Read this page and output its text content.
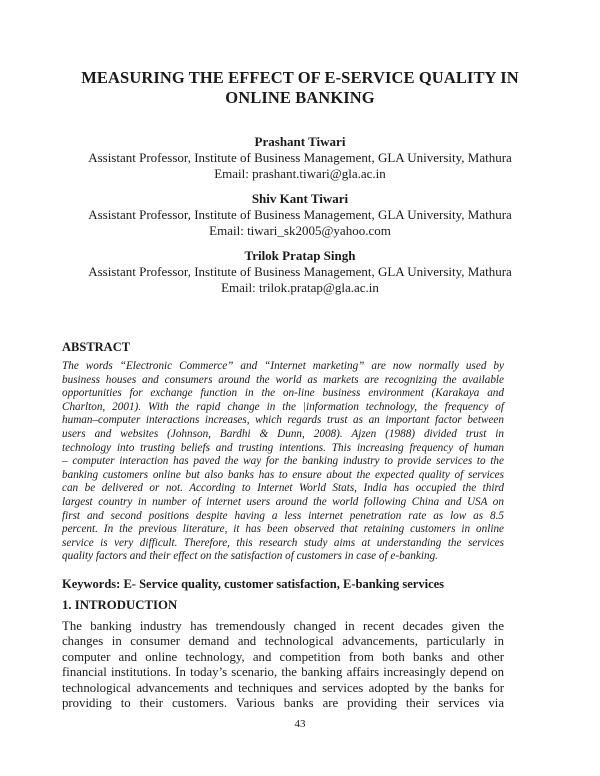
MEASURING THE EFFECT OF E-SERVICE QUALITY IN
ONLINE BANKING
Prashant Tiwari
Assistant Professor, Institute of Business Management, GLA University, Mathura
Email: prashant.tiwari@gla.ac.in
Shiv Kant Tiwari
Assistant Professor, Institute of Business Management, GLA University, Mathura
Email: tiwari_sk2005@yahoo.com
Trilok Pratap Singh
Assistant Professor, Institute of Business Management, GLA University, Mathura
Email: trilok.pratap@gla.ac.in
ABSTRACT
The words “Electronic Commerce” and “Internet marketing” are now normally used by
business houses and consumers around the world as markets are recognizing the available
opportunities for exchange function in the on-line business environment (Karakaya and
Charlton, 2001). With the rapid change in the |information technology, the frequency of
human–computer interactions increases, which regards trust as an important factor between
users and websites (Johnson, Bardhi & Dunn, 2008). Ajzen (1988) divided trust in
technology into trusting beliefs and trusting intentions. This increasing frequency of human
– computer interaction has paved the way for the banking industry to provide services to the
banking customers online but also banks has to ensure about the expected quality of services
can be delivered or not. According to Internet World Stats, India has occupied the third
largest country in number of internet users around the world following China and USA on
first and second positions despite having a less internet penetration rate as low as 8.5
percent. In the previous literature, it has been observed that retaining customers in online
service is very difficult. Therefore, this research study aims at understanding the services
quality factors and their effect on the satisfaction of customers in case of e-banking.
Keywords: E- Service quality, customer satisfaction, E-banking services
1. INTRODUCTION
The banking industry has tremendously changed in recent decades given the
changes in consumer demand and technological advancements, particularly in
computer and online technology, and competition from both banks and other
financial institutions. In today’s scenario, the banking affairs increasingly depend on
technological advancements and techniques and services adopted by the banks for
providing to their customers. Various banks are providing their services via
43
